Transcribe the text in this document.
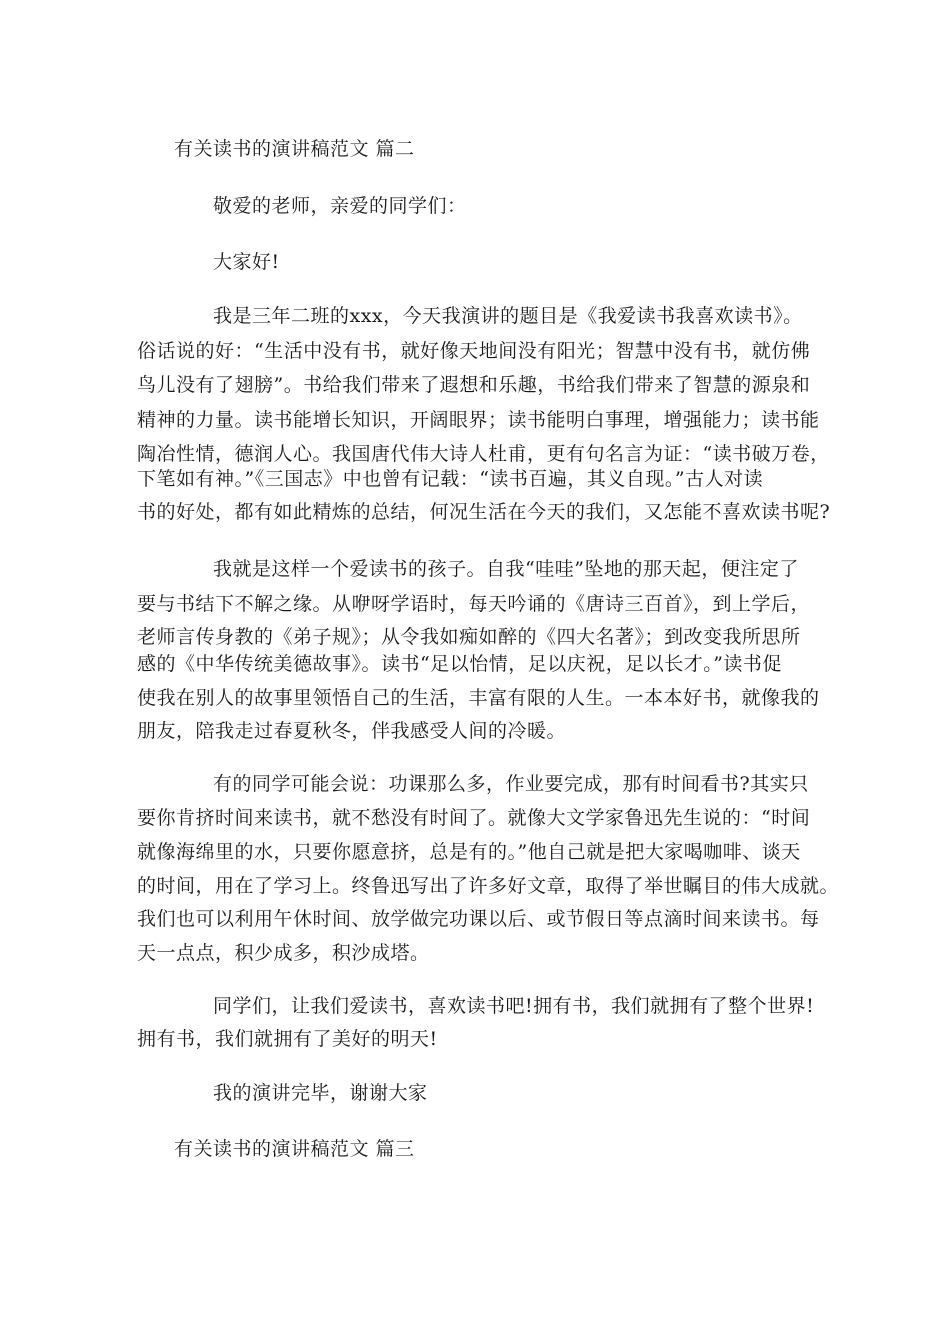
有关读书的演讲稿范文 篇二
敬爱的老师，亲爱的同学们：
大家好!
我是三年二班的xxx，今天我演讲的题目是《我爱读书我喜欢读书》。
俗话说的好：“生活中没有书，就好像天地间没有阳光；智慧中没有书，就仿佛
鸟儿没有了翅膀”。书给我们带来了遐想和乐趣，书给我们带来了智慧的源泉和
精神的力量。读书能增长知识，开阔眼界；读书能明白事理，增强能力；读书能
陶冶性情，德润人心。我国唐代伟大诗人杜甫，更有句名言为证：“读书破万卷，
下笔如有神。”《三国志》中也曾有记载：“读书百遍，其义自现。”古人对读
书的好处，都有如此精炼的总结，何况生活在今天的我们，又怎能不喜欢读书呢?
我就是这样一个爱读书的孩子。自我“哇哇”坠地的那天起，便注定了
要与书结下不解之缘。从咿呀学语时，每天吟诵的《唐诗三百首》，到上学后，
老师言传身教的《弟子规》；从令我如痴如醉的《四大名著》；到改变我所思所
感的《中华传统美德故事》。读书“足以怡情，足以庆祝，足以长才。”读书促
使我在别人的故事里领悟自己的生活，丰富有限的人生。一本本好书，就像我的
朋友，陪我走过春夏秋冬，伴我感受人间的冷暖。
有的同学可能会说：功课那么多，作业要完成，那有时间看书?其实只
要你肯挤时间来读书，就不愁没有时间了。就像大文学家鲁迅先生说的：“时间
就像海绵里的水，只要你愿意挤，总是有的。”他自己就是把大家喝咖啡、谈天
的时间，用在了学习上。终鲁迅写出了许多好文章，取得了举世瞩目的伟大成就。
我们也可以利用午休时间、放学做完功课以后、或节假日等点滴时间来读书。每
天一点点，积少成多，积沙成塔。
同学们，让我们爱读书，喜欢读书吧!拥有书，我们就拥有了整个世界!
拥有书，我们就拥有了美好的明天!
我的演讲完毕，谢谢大家
有关读书的演讲稿范文 篇三
